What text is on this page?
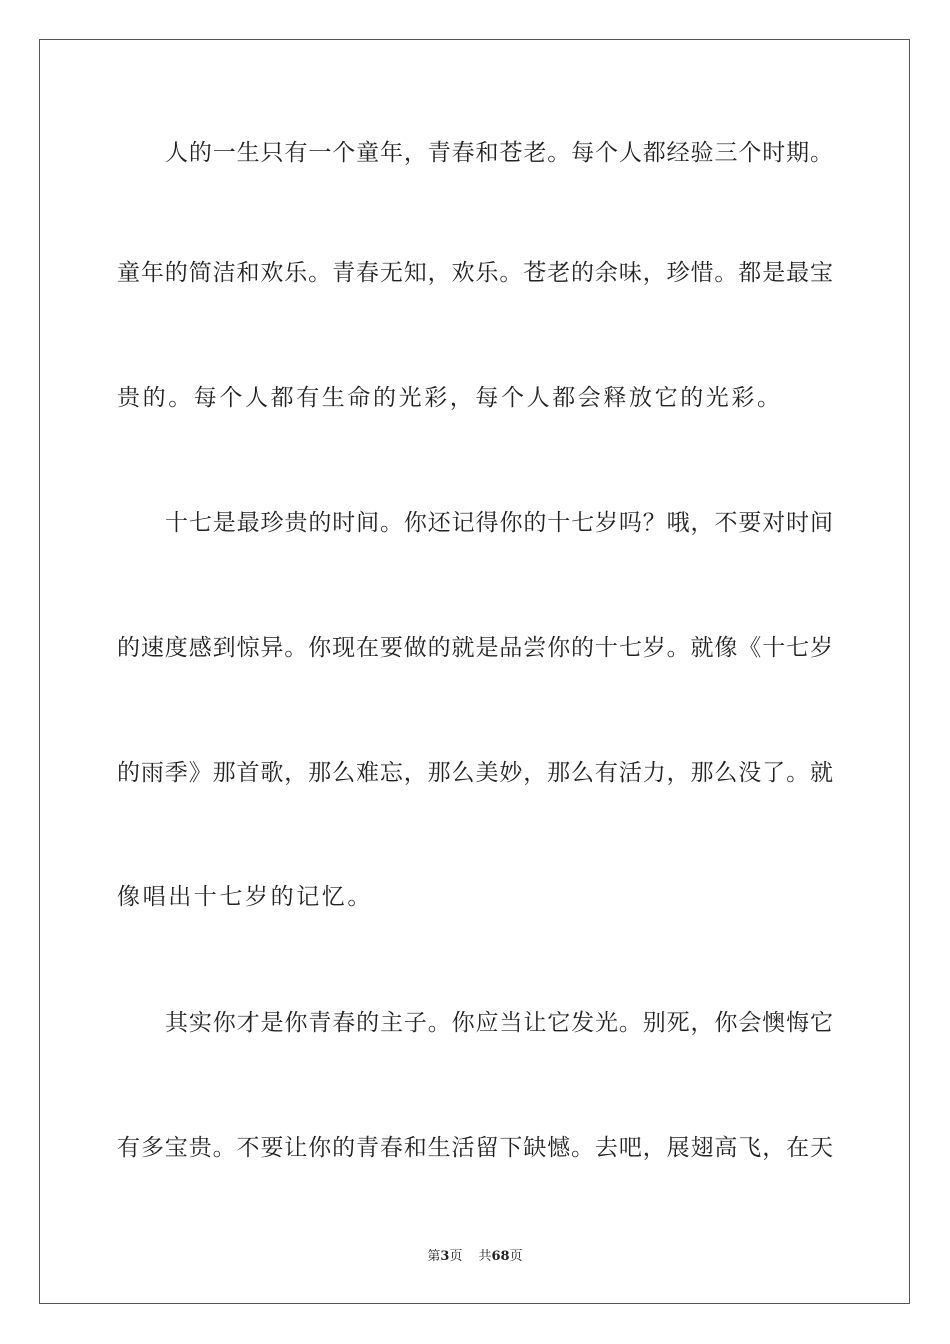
人的一生只有一个童年，青春和苍老。每个人都经验三个时期。
童年的简洁和欢乐。青春无知，欢乐。苍老的余味，珍惜。都是最宝
贵的。每个人都有生命的光彩，每个人都会释放它的光彩。
十七是最珍贵的时间。你还记得你的十七岁吗？哦，不要对时间
的速度感到惊异。你现在要做的就是品尝你的十七岁。就像《十七岁
的雨季》那首歌，那么难忘，那么美妙，那么有活力，那么没了。就
像唱出十七岁的记忆。
其实你才是你青春的主子。你应当让它发光。别死，你会懊悔它
有多宝贵。不要让你的青春和生活留下缺憾。去吧，展翅高飞，在天
第3页 共68页
